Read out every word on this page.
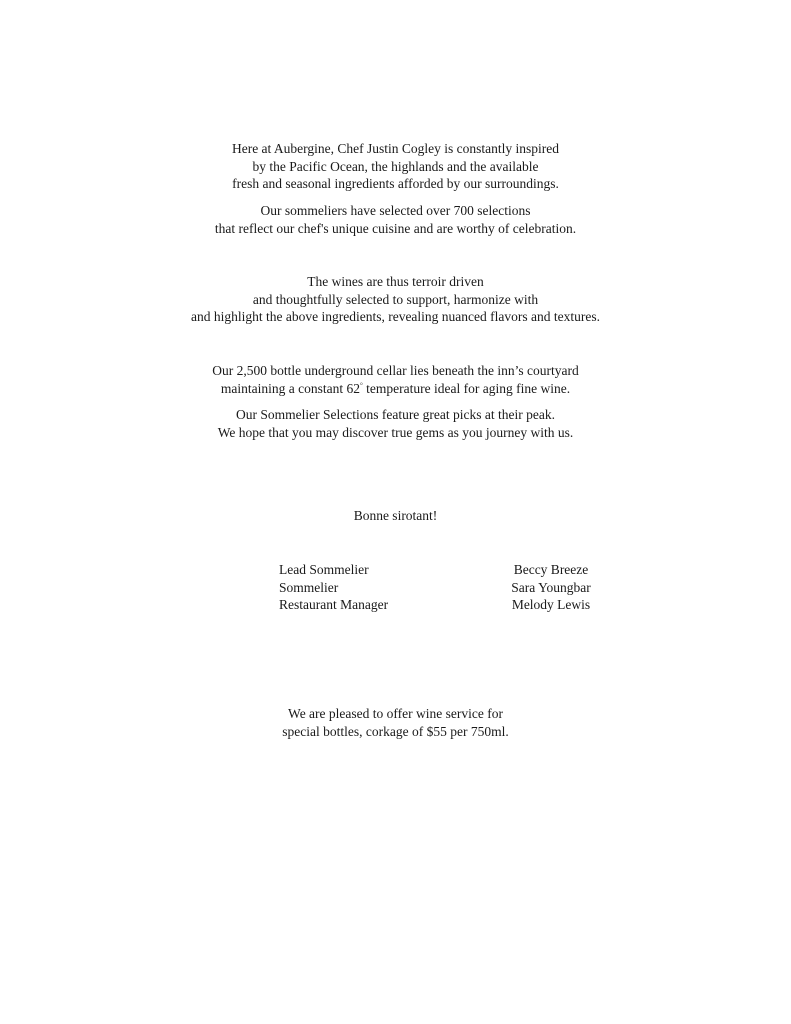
Here at Aubergine, Chef Justin Cogley is constantly inspired
by the Pacific Ocean, the highlands and the available
fresh and seasonal ingredients afforded by our surroundings.
Our sommeliers have selected over 700 selections
that reflect our chef's unique cuisine and are worthy of celebration.
The wines are thus terroir driven
and thoughtfully selected to support, harmonize with
and highlight the above ingredients, revealing nuanced flavors and textures.
Our 2,500 bottle underground cellar lies beneath the inn’s courtyard
maintaining a constant 62° temperature ideal for aging fine wine.
Our Sommelier Selections feature great picks at their peak.
We hope that you may discover true gems as you journey with us.
Bonne sirotant!
Lead Sommelier	Beccy Breeze
Sommelier	Sara Youngbar
Restaurant Manager	Melody Lewis
We are pleased to offer wine service for
special bottles, corkage of $55 per 750ml.
